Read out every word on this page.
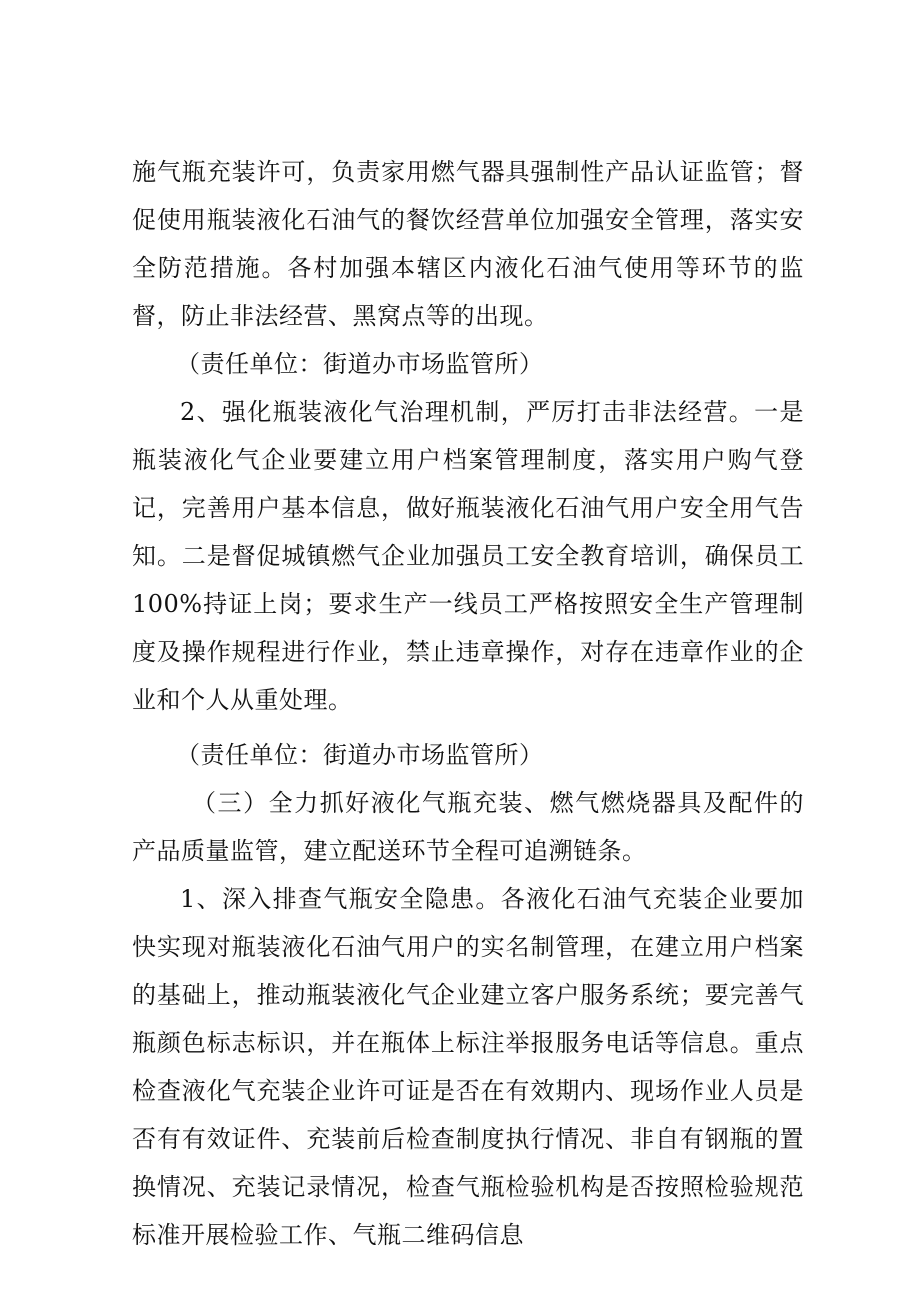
施气瓶充装许可，负责家用燃气器具强制性产品认证监管；督促使用瓶装液化石油气的餐饮经营单位加强安全管理，落实安全防范措施。各村加强本辖区内液化石油气使用等环节的监督，防止非法经营、黑窝点等的出现。

（责任单位：街道办市场监管所）

2、强化瓶装液化气治理机制，严厉打击非法经营。一是瓶装液化气企业要建立用户档案管理制度，落实用户购气登记，完善用户基本信息，做好瓶装液化石油气用户安全用气告知。二是督促城镇燃气企业加强员工安全教育培训，确保员工100%持证上岗；要求生产一线员工严格按照安全生产管理制度及操作规程进行作业，禁止违章操作，对存在违章作业的企业和个人从重处理。

（责任单位：街道办市场监管所）

（三）全力抓好液化气瓶充装、燃气燃烧器具及配件的产品质量监管，建立配送环节全程可追溯链条。

1、深入排查气瓶安全隐患。各液化石油气充装企业要加快实现对瓶装液化石油气用户的实名制管理，在建立用户档案的基础上，推动瓶装液化气企业建立客户服务系统；要完善气瓶颜色标志标识，并在瓶体上标注举报服务电话等信息。重点检查液化气充装企业许可证是否在有效期内、现场作业人员是否有有效证件、充装前后检查制度执行情况、非自有钢瓶的置换情况、充装记录情况，检查气瓶检验机构是否按照检验规范标准开展检验工作、气瓶二维码信息
